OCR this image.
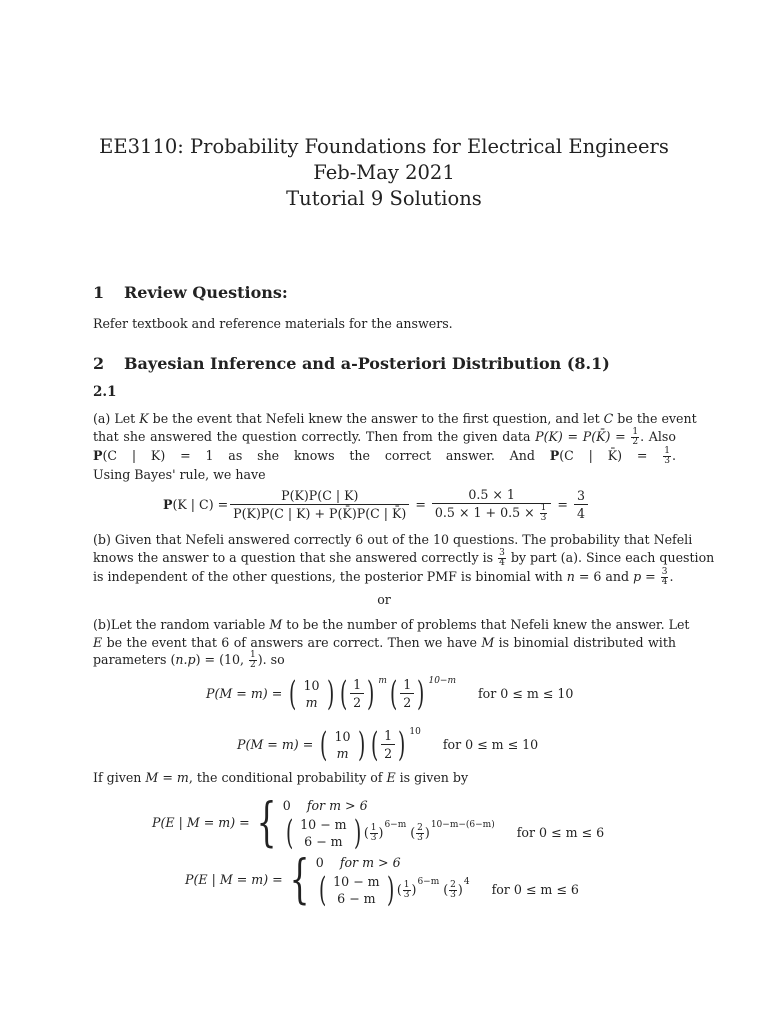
EE3110: Probability Foundations for Electrical Engineers
Feb-May 2021
Tutorial 9 Solutions
1 Review Questions:
Refer textbook and reference materials for the answers.
2 Bayesian Inference and a-Posteriori Distribution (8.1)
2.1
(a) Let K be the event that Nefeli knew the answer to the first question, and let C be the event
that she answered the question correctly. Then from the given data P(K) = P(K̄) = $\frac{1}{2}$ . Also
P(C | K) = 1 as she knows the correct answer. And P(C | K̄) = $\frac{1}{3}$ .
Using Bayes' rule, we have
P(K | $C) = \frac{P(K)P(C | K)}{P(K)P(C | K) + P(K̄)P(C | K̄)} = \frac{0.5 \times 1}{0.5 \times 1 + 0.5 \times \frac{1}{3}} = \frac{3}{4}$
(b) Given that Nefeli answered correctly 6 out of the 10 questions. The probability that Nefeli
knows the answer to a question that she answered correctly is $\frac{3}{4}$ by part (a). Since each question
is independent of the other questions, the posterior PMF is binomial with n = 6 and $p = \frac{3}{4}$ .
or
(b)Let the random variable M to be the number of problems that Nefeli knew the answer. Let
E be the event that 6 of answers are correct. Then we have M is binomial distributed with
parameters (n.p) = (10, $\frac{1}{2}$ ). so
P(M = m) = ( 10
m ) ( $\frac{1}{2}$ ) m ( $\frac{1}{2}$ ) 10−m
for 0 ≤ m ≤ 10
P(M = m) = ( 10
m ) ( $\frac{1}{2}$ ) 10
for 0 ≤ m ≤ 10
If given M = m, the conditional probability of E is given by
P(E | M = m) = { 0 for m > 6
( 10 − m
6 − m ) ( 1
3 ) 6−m ( 2
3 ) 10−m−(6−m) for 0 ≤ m ≤ 6
P(E | M = m) = { 0 for m > 6
( 10 − m
6 − m ) ( 1
3 ) 6−m ( 2
3 ) 4 for 0 ≤ m ≤ 6
